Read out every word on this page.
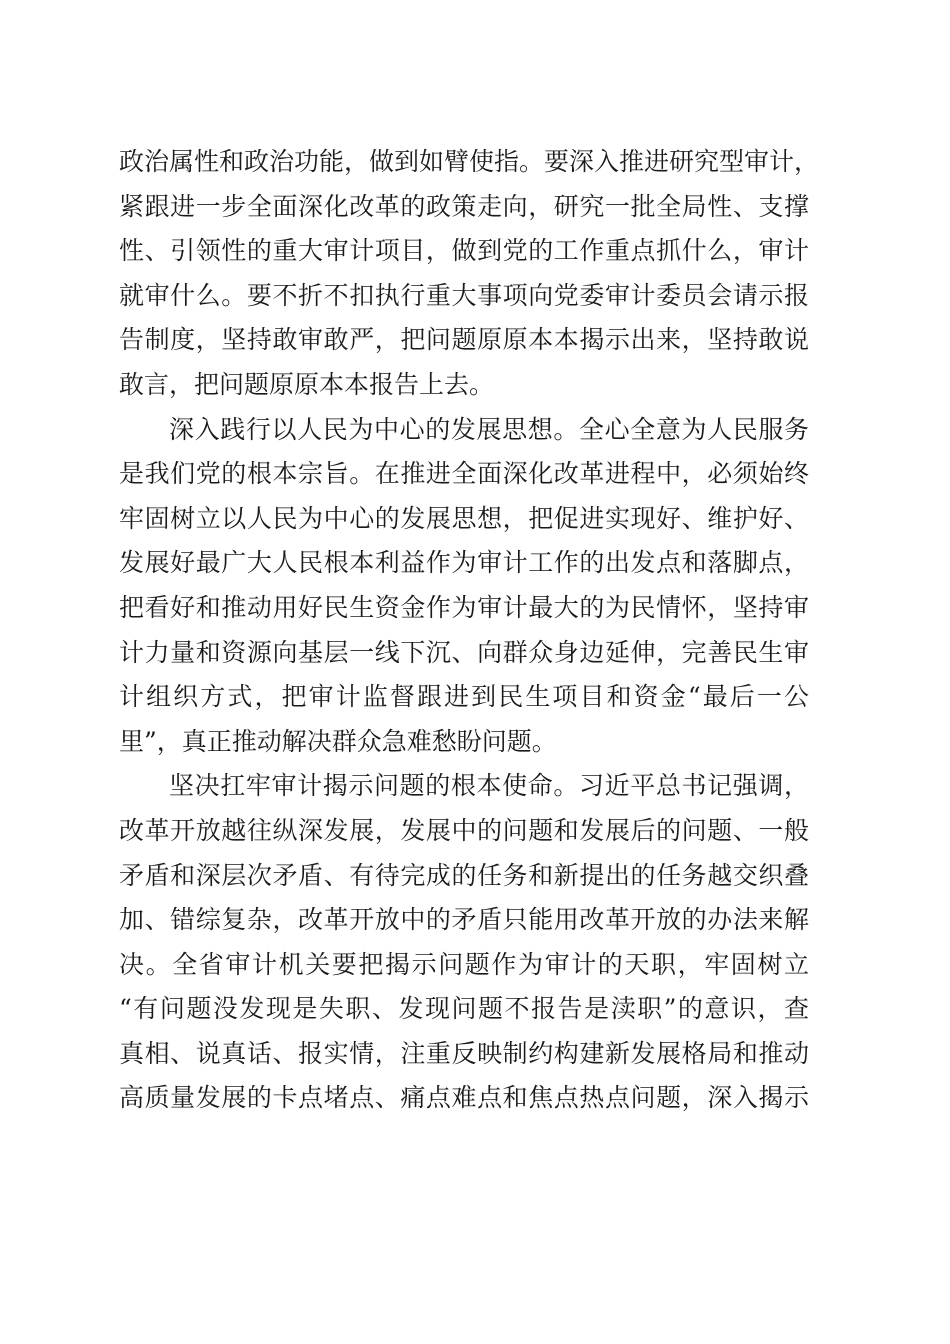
政治属性和政治功能，做到如臂使指。要深入推进研究型审计，
紧跟进一步全面深化改革的政策走向，研究一批全局性、支撑
性、引领性的重大审计项目，做到党的工作重点抓什么，审计
就审什么。要不折不扣执行重大事项向党委审计委员会请示报
告制度，坚持敢审敢严，把问题原原本本揭示出来，坚持敢说
敢言，把问题原原本本报告上去。
深入践行以人民为中心的发展思想。全心全意为人民服务
是我们党的根本宗旨。在推进全面深化改革进程中，必须始终
牢固树立以人民为中心的发展思想，把促进实现好、维护好、
发展好最广大人民根本利益作为审计工作的出发点和落脚点，
把看好和推动用好民生资金作为审计最大的为民情怀，坚持审
计力量和资源向基层一线下沉、向群众身边延伸，完善民生审
计组织方式，把审计监督跟进到民生项目和资金“最后一公
里”，真正推动解决群众急难愁盼问题。
坚决扛牢审计揭示问题的根本使命。习近平总书记强调，
改革开放越往纵深发展，发展中的问题和发展后的问题、一般
矛盾和深层次矛盾、有待完成的任务和新提出的任务越交织叠
加、错综复杂，改革开放中的矛盾只能用改革开放的办法来解
决。全省审计机关要把揭示问题作为审计的天职，牢固树立
“有问题没发现是失职、发现问题不报告是渎职”的意识，查
真相、说真话、报实情，注重反映制约构建新发展格局和推动
高质量发展的卡点堵点、痛点难点和焦点热点问题，深入揭示
